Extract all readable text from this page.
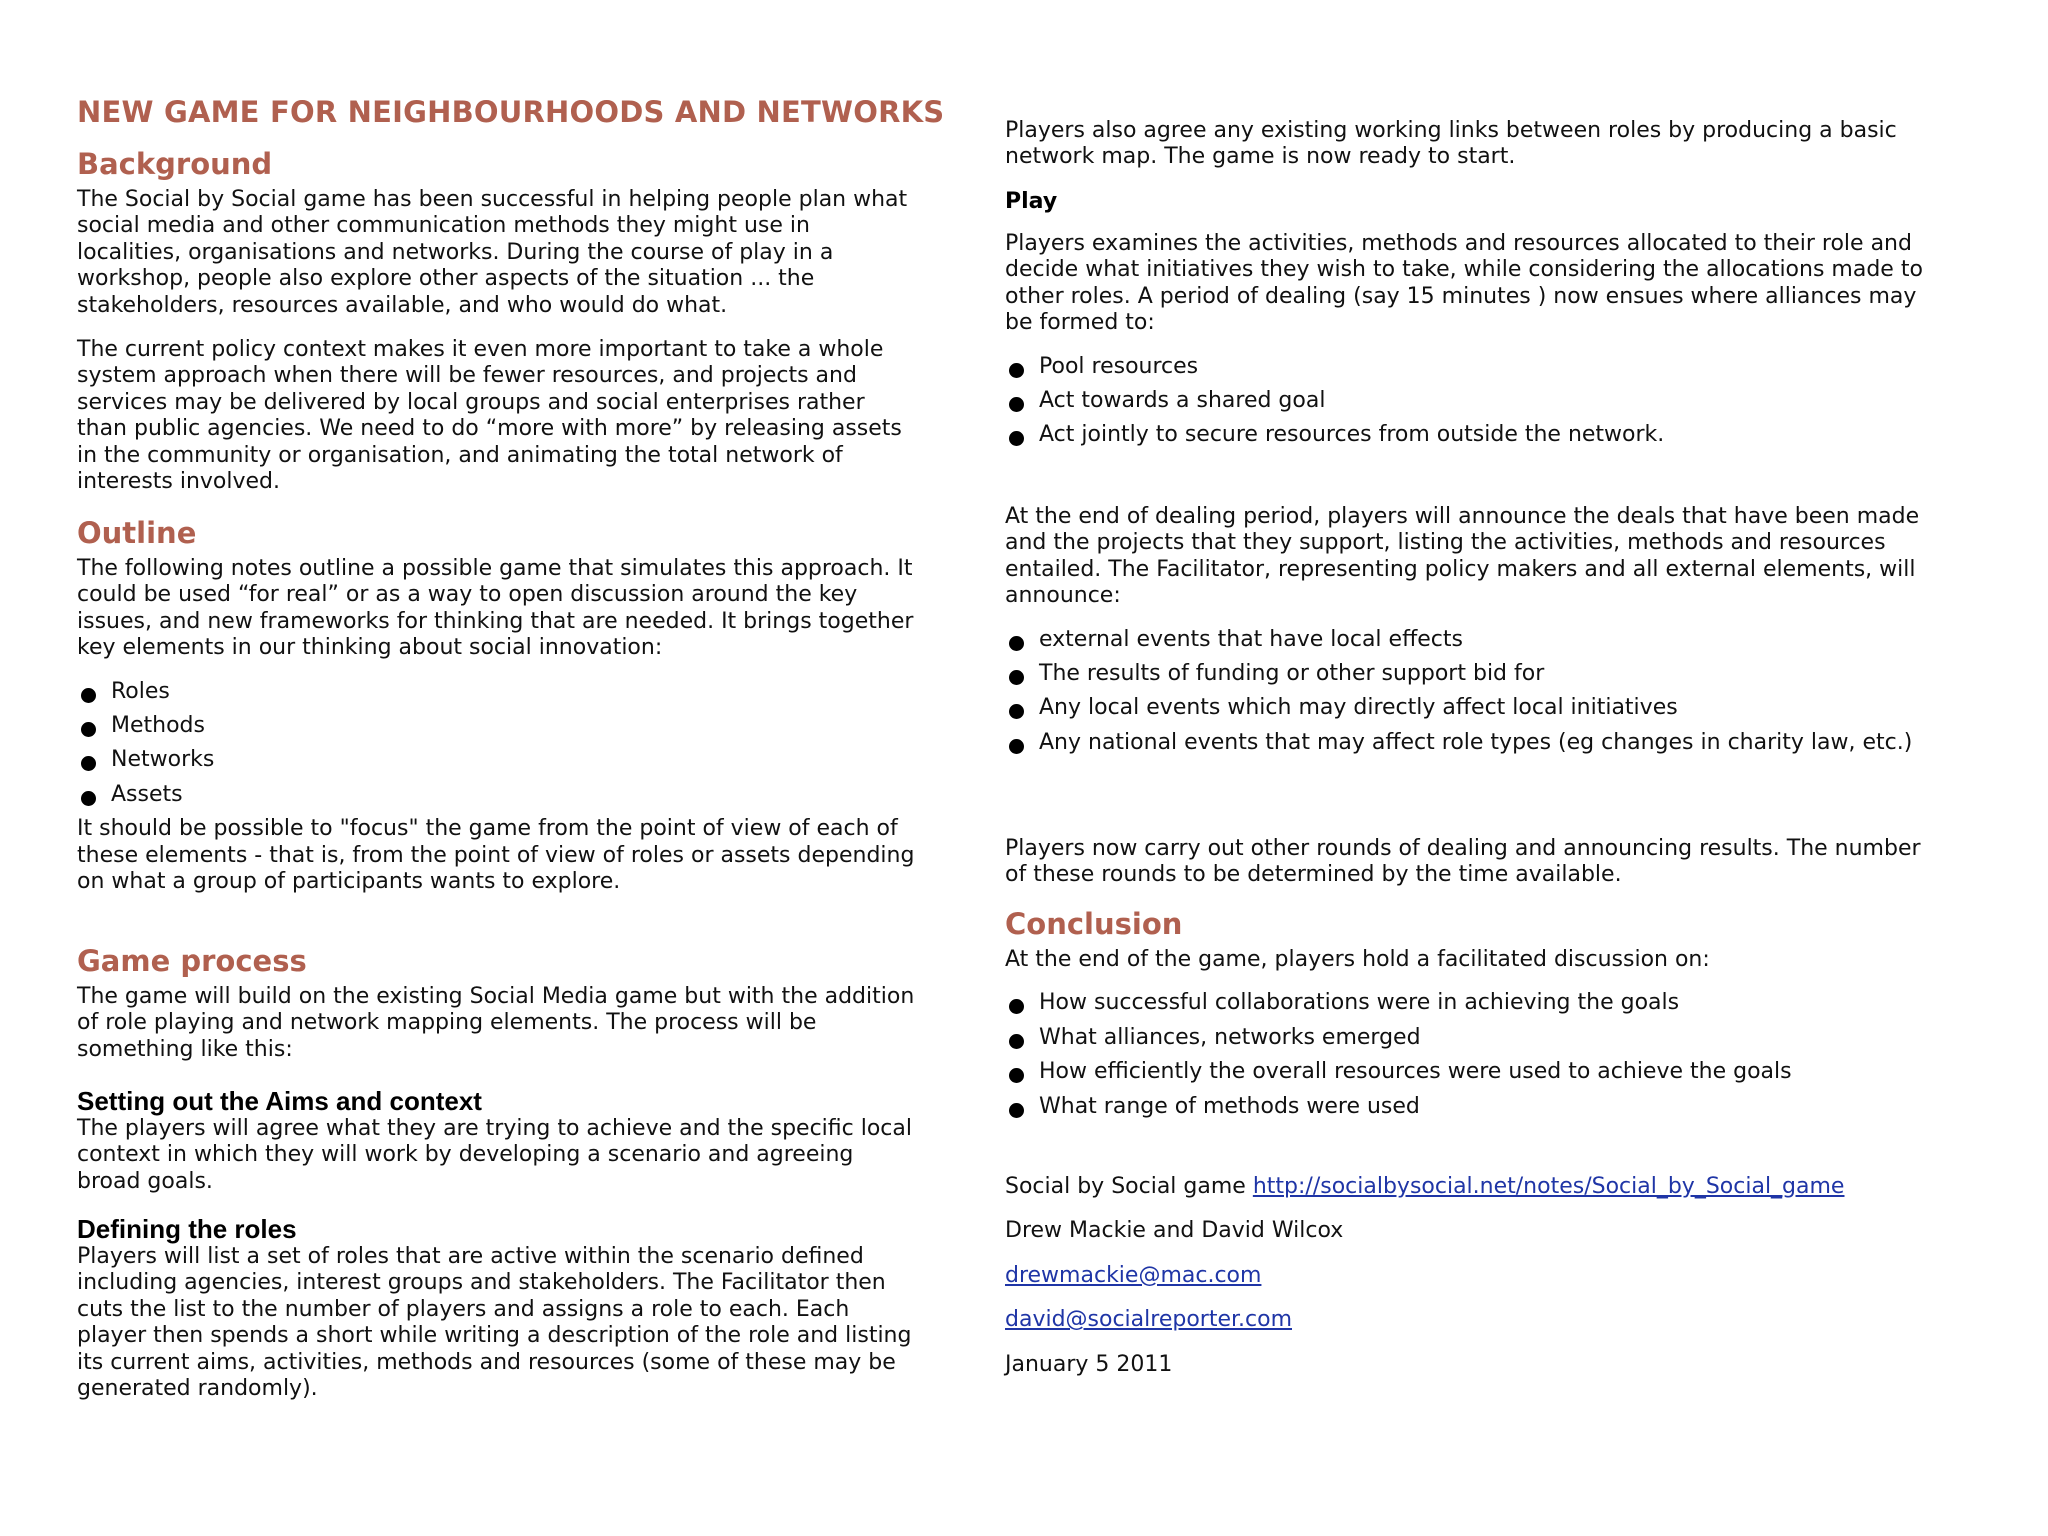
NEW GAME FOR NEIGHBOURHOODS AND NETWORKS
Background

The Social by Social game has been successful in helping people plan what social media and other communication methods they might use in localities, organisations and networks. During the course of play in a workshop, people also explore other aspects of the situation ... the stakeholders, resources available, and who would do what.

The current policy context makes it even more important to take a whole system approach when there will be fewer resources, and projects and services may be delivered by local groups and social enterprises rather than public agencies. We need to do “more with more” by releasing assets in the community or organisation, and animating the total network of interests involved.

Outline

The following notes outline a possible game that simulates this approach. It could be used “for real” or as a way to open discussion around the key issues, and new frameworks for thinking that are needed. It brings together key elements in our thinking about social innovation:

Roles
Methods
Networks
Assets

It should be possible to "focus" the game from the point of view of each of these elements - that is, from the point of view of roles or assets depending on what a group of participants wants to explore.

Game process

The game will build on the existing Social Media game but with the addition of role playing and network mapping elements. The process will be something like this:

Setting out the Aims and context

The players will agree what they are trying to achieve and the specific local context in which they will work by developing a scenario and agreeing broad goals.

Defining the roles

Players will list a set of roles that are active within the scenario defined including agencies, interest groups and stakeholders. The Facilitator then cuts the list to the number of players and assigns a role to each. Each player then spends a short while writing a description of the role and listing its current aims, activities, methods and resources (some of these may be generated randomly).

Players also agree any existing working links between roles by producing a basic network map. The game is now ready to start.

Play

Players examines the activities, methods and resources allocated to their role and decide what initiatives they wish to take, while considering the allocations made to other roles. A period of dealing (say 15 minutes ) now ensues where alliances may be formed to:

Pool resources
Act towards a shared goal
Act jointly to secure resources from outside the network.

At the end of dealing period, players will announce the deals that have been made and the projects that they support, listing the activities, methods and resources entailed. The Facilitator, representing policy makers and all external elements, will announce:

external events that have local effects
The results of funding or other support bid for
Any local events which may directly affect local initiatives
Any national events that may affect role types (eg changes in charity law, etc.)

Players now carry out other rounds of dealing and announcing results. The number of these rounds to be determined by the time available.

Conclusion

At the end of the game, players hold a facilitated discussion on:

How successful collaborations were in achieving the goals
What alliances, networks emerged
How efficiently the overall resources were used to achieve the goals
What range of methods were used

Social by Social game http://socialbysocial.net/notes/Social_by_Social_game

Drew Mackie and David Wilcox

drewmackie@mac.com

david@socialreporter.com

January 5 2011
